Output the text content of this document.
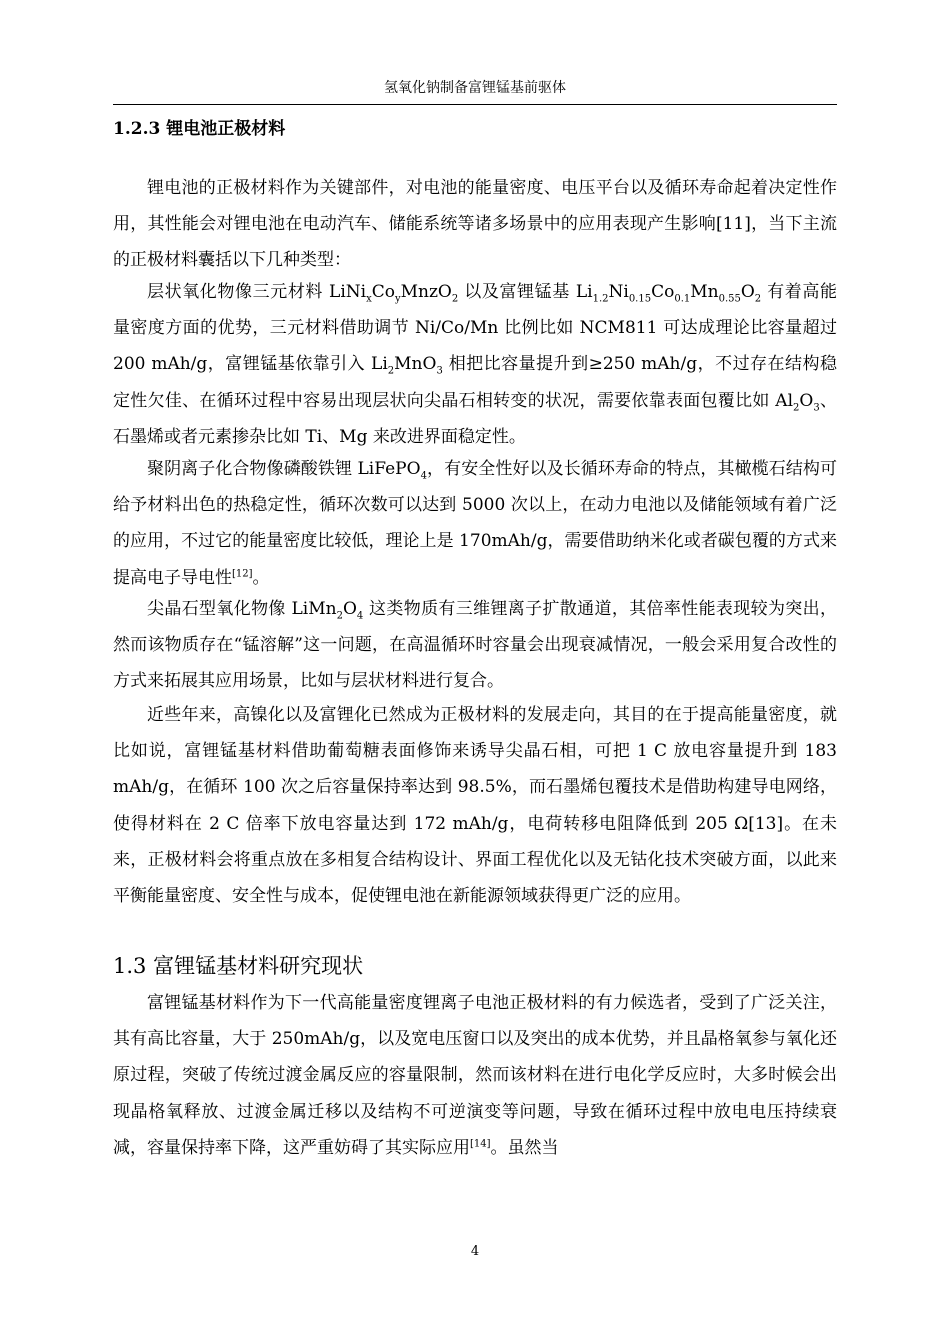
氢氧化钠制备富锂锰基前驱体
1.2.3 锂电池正极材料

锂电池的正极材料作为关键部件，对电池的能量密度、电压平台以及循环寿命起着决定性作用，其性能会对锂电池在电动汽车、储能系统等诸多场景中的应用表现产生影响[11]，当下主流的正极材料囊括以下几种类型：

层状氧化物像三元材料 $LiNi_xCo_yMnzO_2$ 以及富锂锰基 $Li_{1.2}Ni_{0.15}Co_{0.1}Mn_{0.55}O_2$ 有着高能量密度方面的优势，三元材料借助调节 Ni/Co/Mn 比例比如 NCM811 可达成理论比容量超过 200 mAh/g，富锂锰基依靠引入 $Li_2MnO_3$ 相把比容量提升到≥250 mAh/g，不过存在结构稳定性欠佳、在循环过程中容易出现层状向尖晶石相转变的状况，需要依靠表面包覆比如 $Al_2O_3$、石墨烯或者元素掺杂比如 Ti、Mg 来改进界面稳定性。

聚阴离子化合物像磷酸铁锂 LiFePO$_4$，有安全性好以及长循环寿命的特点，其橄榄石结构可给予材料出色的热稳定性，循环次数可以达到 5000 次以上，在动力电池以及储能领域有着广泛的应用，不过它的能量密度比较低，理论上是 170mAh/g，需要借助纳米化或者碳包覆的方式来提高电子导电性[12]。

尖晶石型氧化物像 $LiMn_2O_4$ 这类物质有三维锂离子扩散通道，其倍率性能表现较为突出，然而该物质存在“锰溶解”这一问题，在高温循环时容量会出现衰减情况，一般会采用复合改性的方式来拓展其应用场景，比如与层状材料进行复合。

近些年来，高镍化以及富锂化已然成为正极材料的发展走向，其目的在于提高能量密度，就比如说，富锂锰基材料借助葡萄糖表面修饰来诱导尖晶石相，可把 1 C 放电容量提升到 183 mAh/g，在循环 100 次之后容量保持率达到 98.5%，而石墨烯包覆技术是借助构建导电网络，使得材料在 2 C 倍率下放电容量达到 172 mAh/g，电荷转移电阻降低到 205 Ω[13]。在未来，正极材料会将重点放在多相复合结构设计、界面工程优化以及无钴化技术突破方面，以此来平衡能量密度、安全性与成本，促使锂电池在新能源领域获得更广泛的应用。

1.3 富锂锰基材料研究现状

富锂锰基材料作为下一代高能量密度锂离子电池正极材料的有力候选者，受到了广泛关注，其有高比容量，大于 250mAh/g，以及宽电压窗口以及突出的成本优势，并且晶格氧参与氧化还原过程，突破了传统过渡金属反应的容量限制，然而该材料在进行电化学反应时，大多时候会出现晶格氧释放、过渡金属迁移以及结构不可逆演变等问题，导致在循环过程中放电电压持续衰减，容量保持率下降，这严重妨碍了其实际应用[14]。虽然当

4
